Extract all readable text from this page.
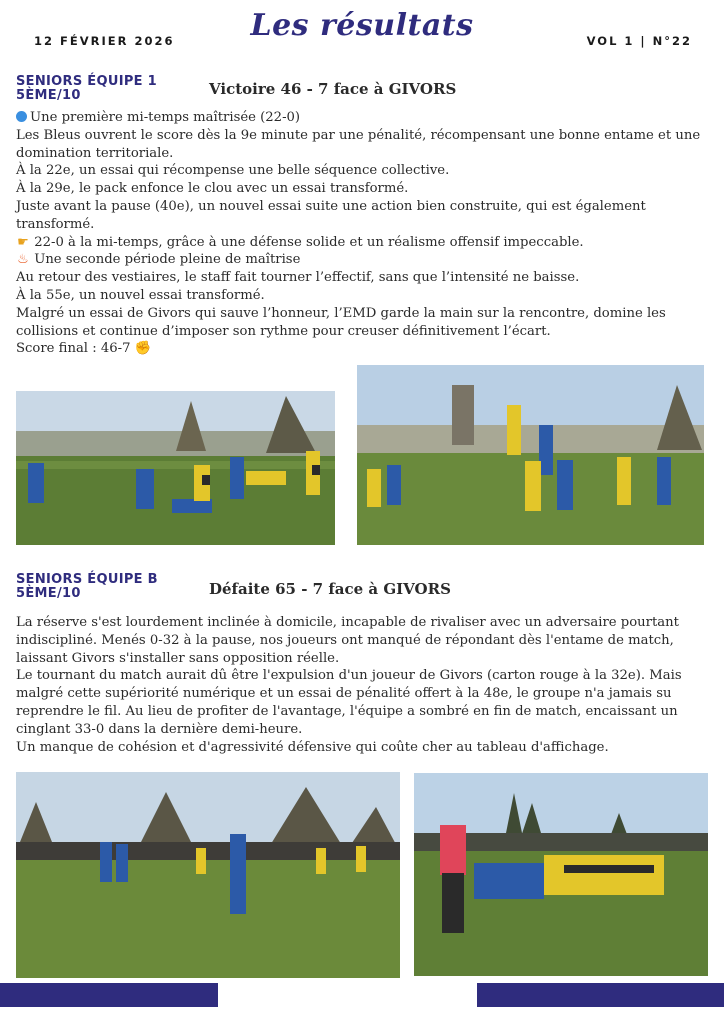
12 FÉVRIER 2026	Les résultats	VOL 1 | N°22
SENIORS ÉQUIPE 1
5ÈME/10	Victoire 46 - 7 face à GIVORS

Une première mi-temps maîtrisée (22-0)

Les Bleus ouvrent le score dès la 9e minute par une pénalité, récompensant une bonne entame et une domination territoriale.

À la 22e, un essai qui récompense une belle séquence collective.

À la 29e, le pack enfonce le clou avec un essai transformé.

Juste avant la pause (40e), un nouvel essai suite une action bien construite, qui est également transformé.

☛ 22-0 à la mi-temps, grâce à une défense solide et un réalisme offensif impeccable.

♨ Une seconde période pleine de maîtrise

Au retour des vestiaires, le staff fait tourner l’effectif, sans que l’intensité ne baisse.

À la 55e, un nouvel essai transformé.

Malgré un essai de Givors qui sauve l’honneur, l’EMD garde la main sur la rencontre, domine les collisions et continue d’imposer son rythme pour creuser définitivement l’écart.

Score final : 46-7 ✊

SENIORS ÉQUIPE B
5ÈME/10	Défaite 65 - 7 face à GIVORS

La réserve s'est lourdement inclinée à domicile, incapable de rivaliser avec un adversaire pourtant indiscipliné. Menés 0-32 à la pause, nos joueurs ont manqué de répondant dès l'entame de match, laissant Givors s'installer sans opposition réelle.

Le tournant du match aurait dû être l'expulsion d'un joueur de Givors (carton rouge à la 32e). Mais malgré cette supériorité numérique et un essai de pénalité offert à la 48e, le groupe n'a jamais su reprendre le fil. Au lieu de profiter de l'avantage, l'équipe a sombré en fin de match, encaissant un cinglant 33-0 dans la dernière demi-heure.

Un manque de cohésion et d'agressivité défensive qui coûte cher au tableau d'affichage.
